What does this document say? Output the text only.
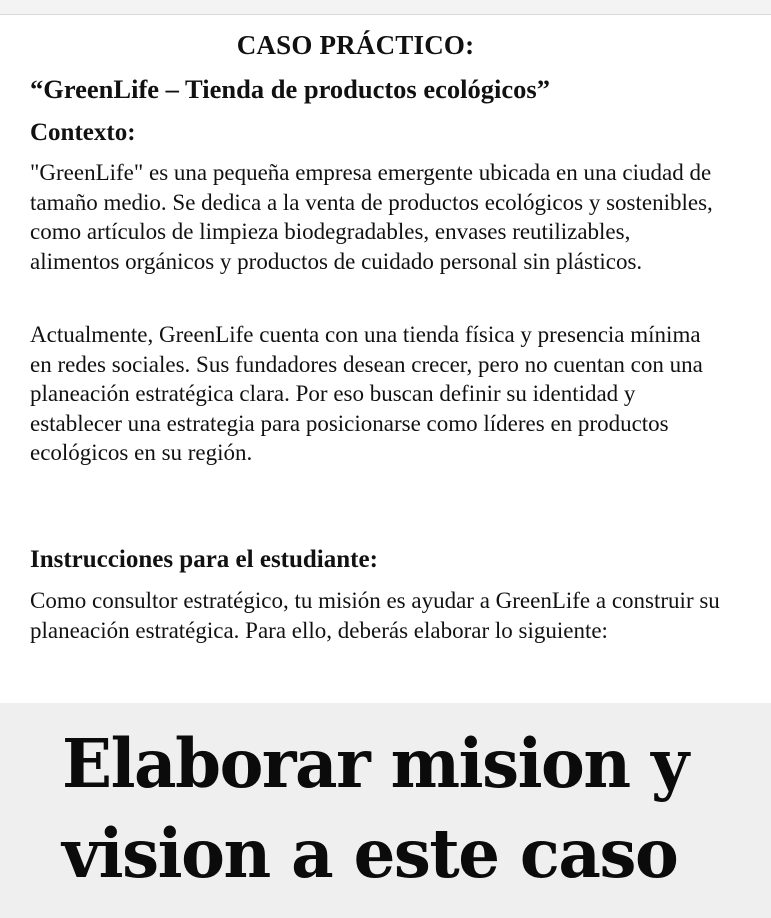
CASO PRÁCTICO:
“GreenLife – Tienda de productos ecológicos”
Contexto:

"GreenLife" es una pequeña empresa emergente ubicada en una ciudad de tamaño medio. Se dedica a la venta de productos ecológicos y sostenibles, como artículos de limpieza biodegradables, envases reutilizables, alimentos orgánicos y productos de cuidado personal sin plásticos.

Actualmente, GreenLife cuenta con una tienda física y presencia mínima en redes sociales. Sus fundadores desean crecer, pero no cuentan con una planeación estratégica clara. Por eso buscan definir su identidad y establecer una estrategia para posicionarse como líderes en productos ecológicos en su región.

Instrucciones para el estudiante:

Como consultor estratégico, tu misión es ayudar a GreenLife a construir su planeación estratégica. Para ello, deberás elaborar lo siguiente:

Elaborar mision y
vision a este caso
